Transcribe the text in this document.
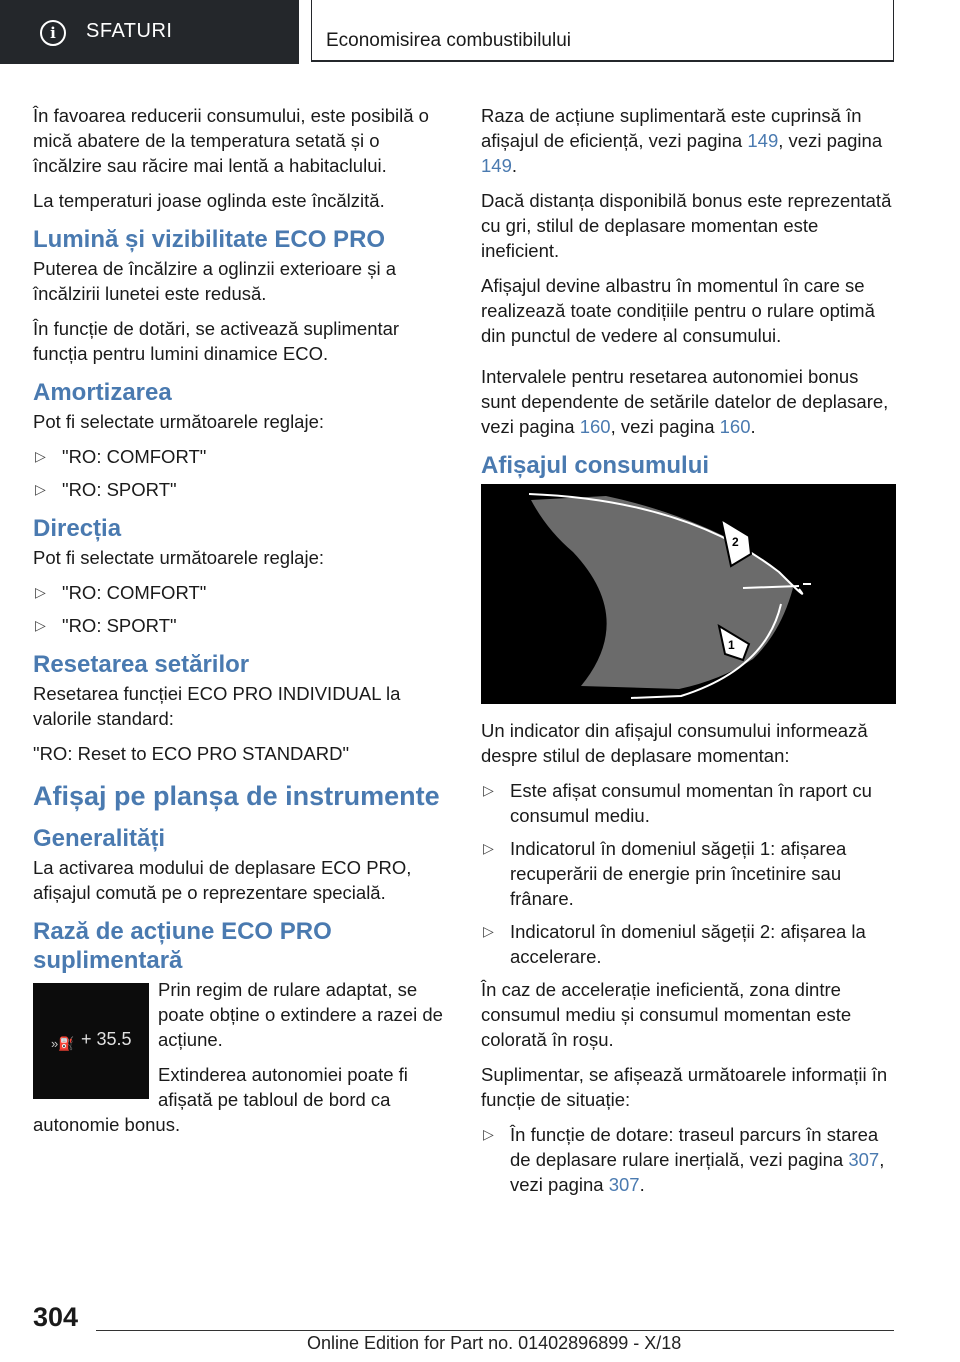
i	SFATURI	Economisirea combustibilului

În favoarea reducerii consumului, este posibilă o mică abatere de la temperatura setată și o încălzire sau răcire mai lentă a habitaclului.

La temperaturi joase oglinda este încălzită.

Lumină și vizibilitate ECO PRO

Puterea de încălzire a oglinzii exterioare și a încălzirii lunetei este redusă.

În funcție de dotări, se activează suplimentar funcția pentru lumini dinamice ECO.

Amortizarea

Pot fi selectate următoarele reglaje:

▷ "RO: COMFORT"
▷ "RO: SPORT"
Direcția

Pot fi selectate următoarele reglaje:

▷ "RO: COMFORT"
▷ "RO: SPORT"
Resetarea setărilor

Resetarea funcției ECO PRO INDIVIDUAL la valorile standard:

"RO: Reset to ECO PRO STANDARD"

Afișaj pe planșa de instrumente
Generalități

La activarea modului de deplasare ECO PRO, afișajul comută pe o reprezentare specială.

Rază de acțiune ECO PRO suplimentară
»⛽ + 35.5

Prin regim de rulare adaptat, se poate obține o extindere a razei de acțiune.

Extinderea autonomiei poate fi afișată pe tabloul de bord ca autonomie bonus.

Raza de acțiune suplimentară este cuprinsă în afișajul de eficiență, vezi pagina 149, vezi pagina 149.

Dacă distanța disponibilă bonus este reprezentată cu gri, stilul de deplasare momentan este ineficient.

Afișajul devine albastru în momentul în care se realizează toate condițiile pentru o rulare optimă din punctul de vedere al consumului.

Intervalele pentru resetarea autonomiei bonus sunt dependente de setările datelor de deplasare, vezi pagina 160, vezi pagina 160.

Afișajul consumului
2
1

Un indicator din afișajul consumului informează despre stilul de deplasare momentan:

▷ Este afișat consumul momentan în raport cu consumul mediu.
▷ Indicatorul în domeniul săgeții 1: afișarea recuperării de energie prin încetinire sau frânare.
▷ Indicatorul în domeniul săgeții 2: afișarea la accelerare.

În caz de accelerație ineficientă, zona dintre consumul mediu și consumul momentan este colorată în roșu.

Suplimentar, se afișează următoarele informații în funcție de situație:

▷ În funcție de dotare: traseul parcurs în starea de deplasare rulare inerțială, vezi pagina 307, vezi pagina 307.
304
Online Edition for Part no. 01402896899 - X/18
